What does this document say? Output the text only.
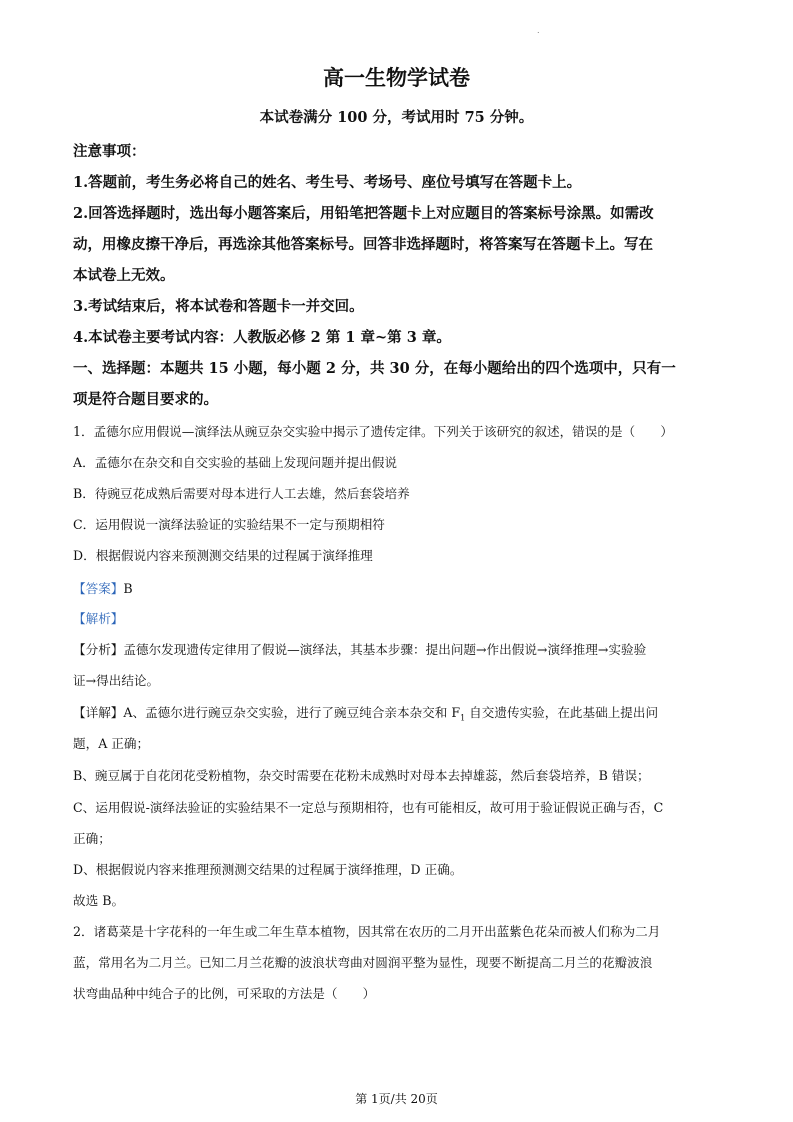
.
高一生物学试卷
本试卷满分 100 分，考试用时 75 分钟。
注意事项：
1.答题前，考生务必将自己的姓名、考生号、考场号、座位号填写在答题卡上。
2.回答选择题时，选出每小题答案后，用铅笔把答题卡上对应题目的答案标号涂黑。如需改
动，用橡皮擦干净后，再选涂其他答案标号。回答非选择题时，将答案写在答题卡上。写在
本试卷上无效。
3.考试结束后，将本试卷和答题卡一并交回。
4.本试卷主要考试内容：人教版必修 2 第 1 章~第 3 章。
一、选择题：本题共 15 小题，每小题 2 分，共 30 分，在每小题给出的四个选项中，只有一
项是符合题目要求的。
1．孟德尔应用假说—演绎法从豌豆杂交实验中揭示了遗传定律。下列关于该研究的叙述，错误的是（　　）
A．孟德尔在杂交和自交实验的基础上发现问题并提出假说
B．待豌豆花成熟后需要对母本进行人工去雄，然后套袋培养
C．运用假说一演绎法验证的实验结果不一定与预期相符
D．根据假说内容来预测测交结果的过程属于演绎推理
【答案】B
【解析】
【分析】孟德尔发现遗传定律用了假说—演绎法，其基本步骤：提出问题→作出假说→演绎推理→实验验
证→得出结论。
【详解】A、孟德尔进行豌豆杂交实验，进行了豌豆纯合亲本杂交和 $F_1$ 自交遗传实验，在此基础上提出问
题，A 正确；
B、豌豆属于自花闭花受粉植物，杂交时需要在花粉未成熟时对母本去掉雄蕊，然后套袋培养，B 错误；
C、运用假说-演绎法验证的实验结果不一定总与预期相符，也有可能相反，故可用于验证假说正确与否，C
正确；
D、根据假说内容来推理预测测交结果的过程属于演绎推理，D 正确。
故选 B。
2．诸葛菜是十字花科的一年生或二年生草本植物，因其常在农历的二月开出蓝紫色花朵而被人们称为二月
蓝，常用名为二月兰。已知二月兰花瓣的波浪状弯曲对圆润平整为显性，现要不断提高二月兰的花瓣波浪
状弯曲品种中纯合子的比例，可采取的方法是（　　）
第 1页/共 20页
